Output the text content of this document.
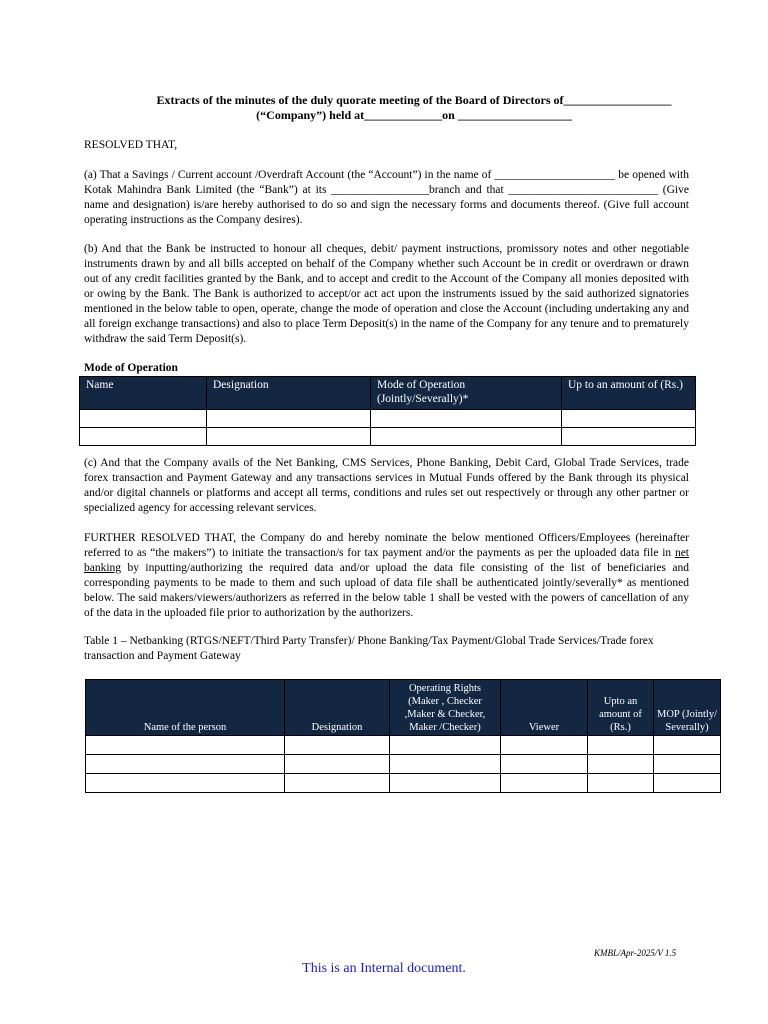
Extracts of the minutes of the duly quorate meeting of the Board of Directors of__________________
(“Company”) held at_____________on ___________________
RESOLVED THAT,
(a) That a Savings / Current account /Overdraft Account (the “Account”) in the name of _____________________ be opened with Kotak Mahindra Bank Limited (the “Bank”) at its _________________branch and that __________________________ (Give name and designation) is/are hereby authorised to do so and sign the necessary forms and documents thereof. (Give full account operating instructions as the Company desires).
(b) And that the Bank be instructed to honour all cheques, debit/ payment instructions, promissory notes and other negotiable instruments drawn by and all bills accepted on behalf of the Company whether such Account be in credit or overdrawn or drawn out of any credit facilities granted by the Bank, and to accept and credit to the Account of the Company all monies deposited with or owing by the Bank. The Bank is authorized to accept/or act act upon the instruments issued by the said authorized signatories mentioned in the below table to open, operate, change the mode of operation and close the Account (including undertaking any and all foreign exchange transactions) and also to place Term Deposit(s) in the name of the Company for any tenure and to prematurely withdraw the said Term Deposit(s).
Mode of Operation
Name	Designation	Mode of Operation (Jointly/Severally)*	Up to an amount of (Rs.)

(c) And that the Company avails of the Net Banking, CMS Services, Phone Banking, Debit Card, Global Trade Services, trade forex transaction and Payment Gateway and any transactions services in Mutual Funds offered by the Bank through its physical and/or digital channels or platforms and accept all terms, conditions and rules set out respectively or through any other partner or specialized agency for accessing relevant services.
FURTHER RESOLVED THAT, the Company do and hereby nominate the below mentioned Officers/Employees (hereinafter referred to as “the makers”) to initiate the transaction/s for tax payment and/or the payments as per the uploaded data file in net banking by inputting/authorizing the required data and/or upload the data file consisting of the list of beneficiaries and corresponding payments to be made to them and such upload of data file shall be authenticated jointly/severally* as mentioned below. The said makers/viewers/authorizers as referred in the below table 1 shall be vested with the powers of cancellation of any of the data in the uploaded file prior to authorization by the authorizers.
Table 1 – Netbanking (RTGS/NEFT/Third Party Transfer)/ Phone Banking/Tax Payment/Global Trade Services/Trade forex transaction and Payment Gateway
Name of the person	Designation	Operating Rights (Maker , Checker ,Maker & Checker, Maker /Checker)	Viewer	Upto an amount of (Rs.)	MOP (Jointly/ Severally)

KMBL/Apr-2025/V 1.5
This is an Internal document.
